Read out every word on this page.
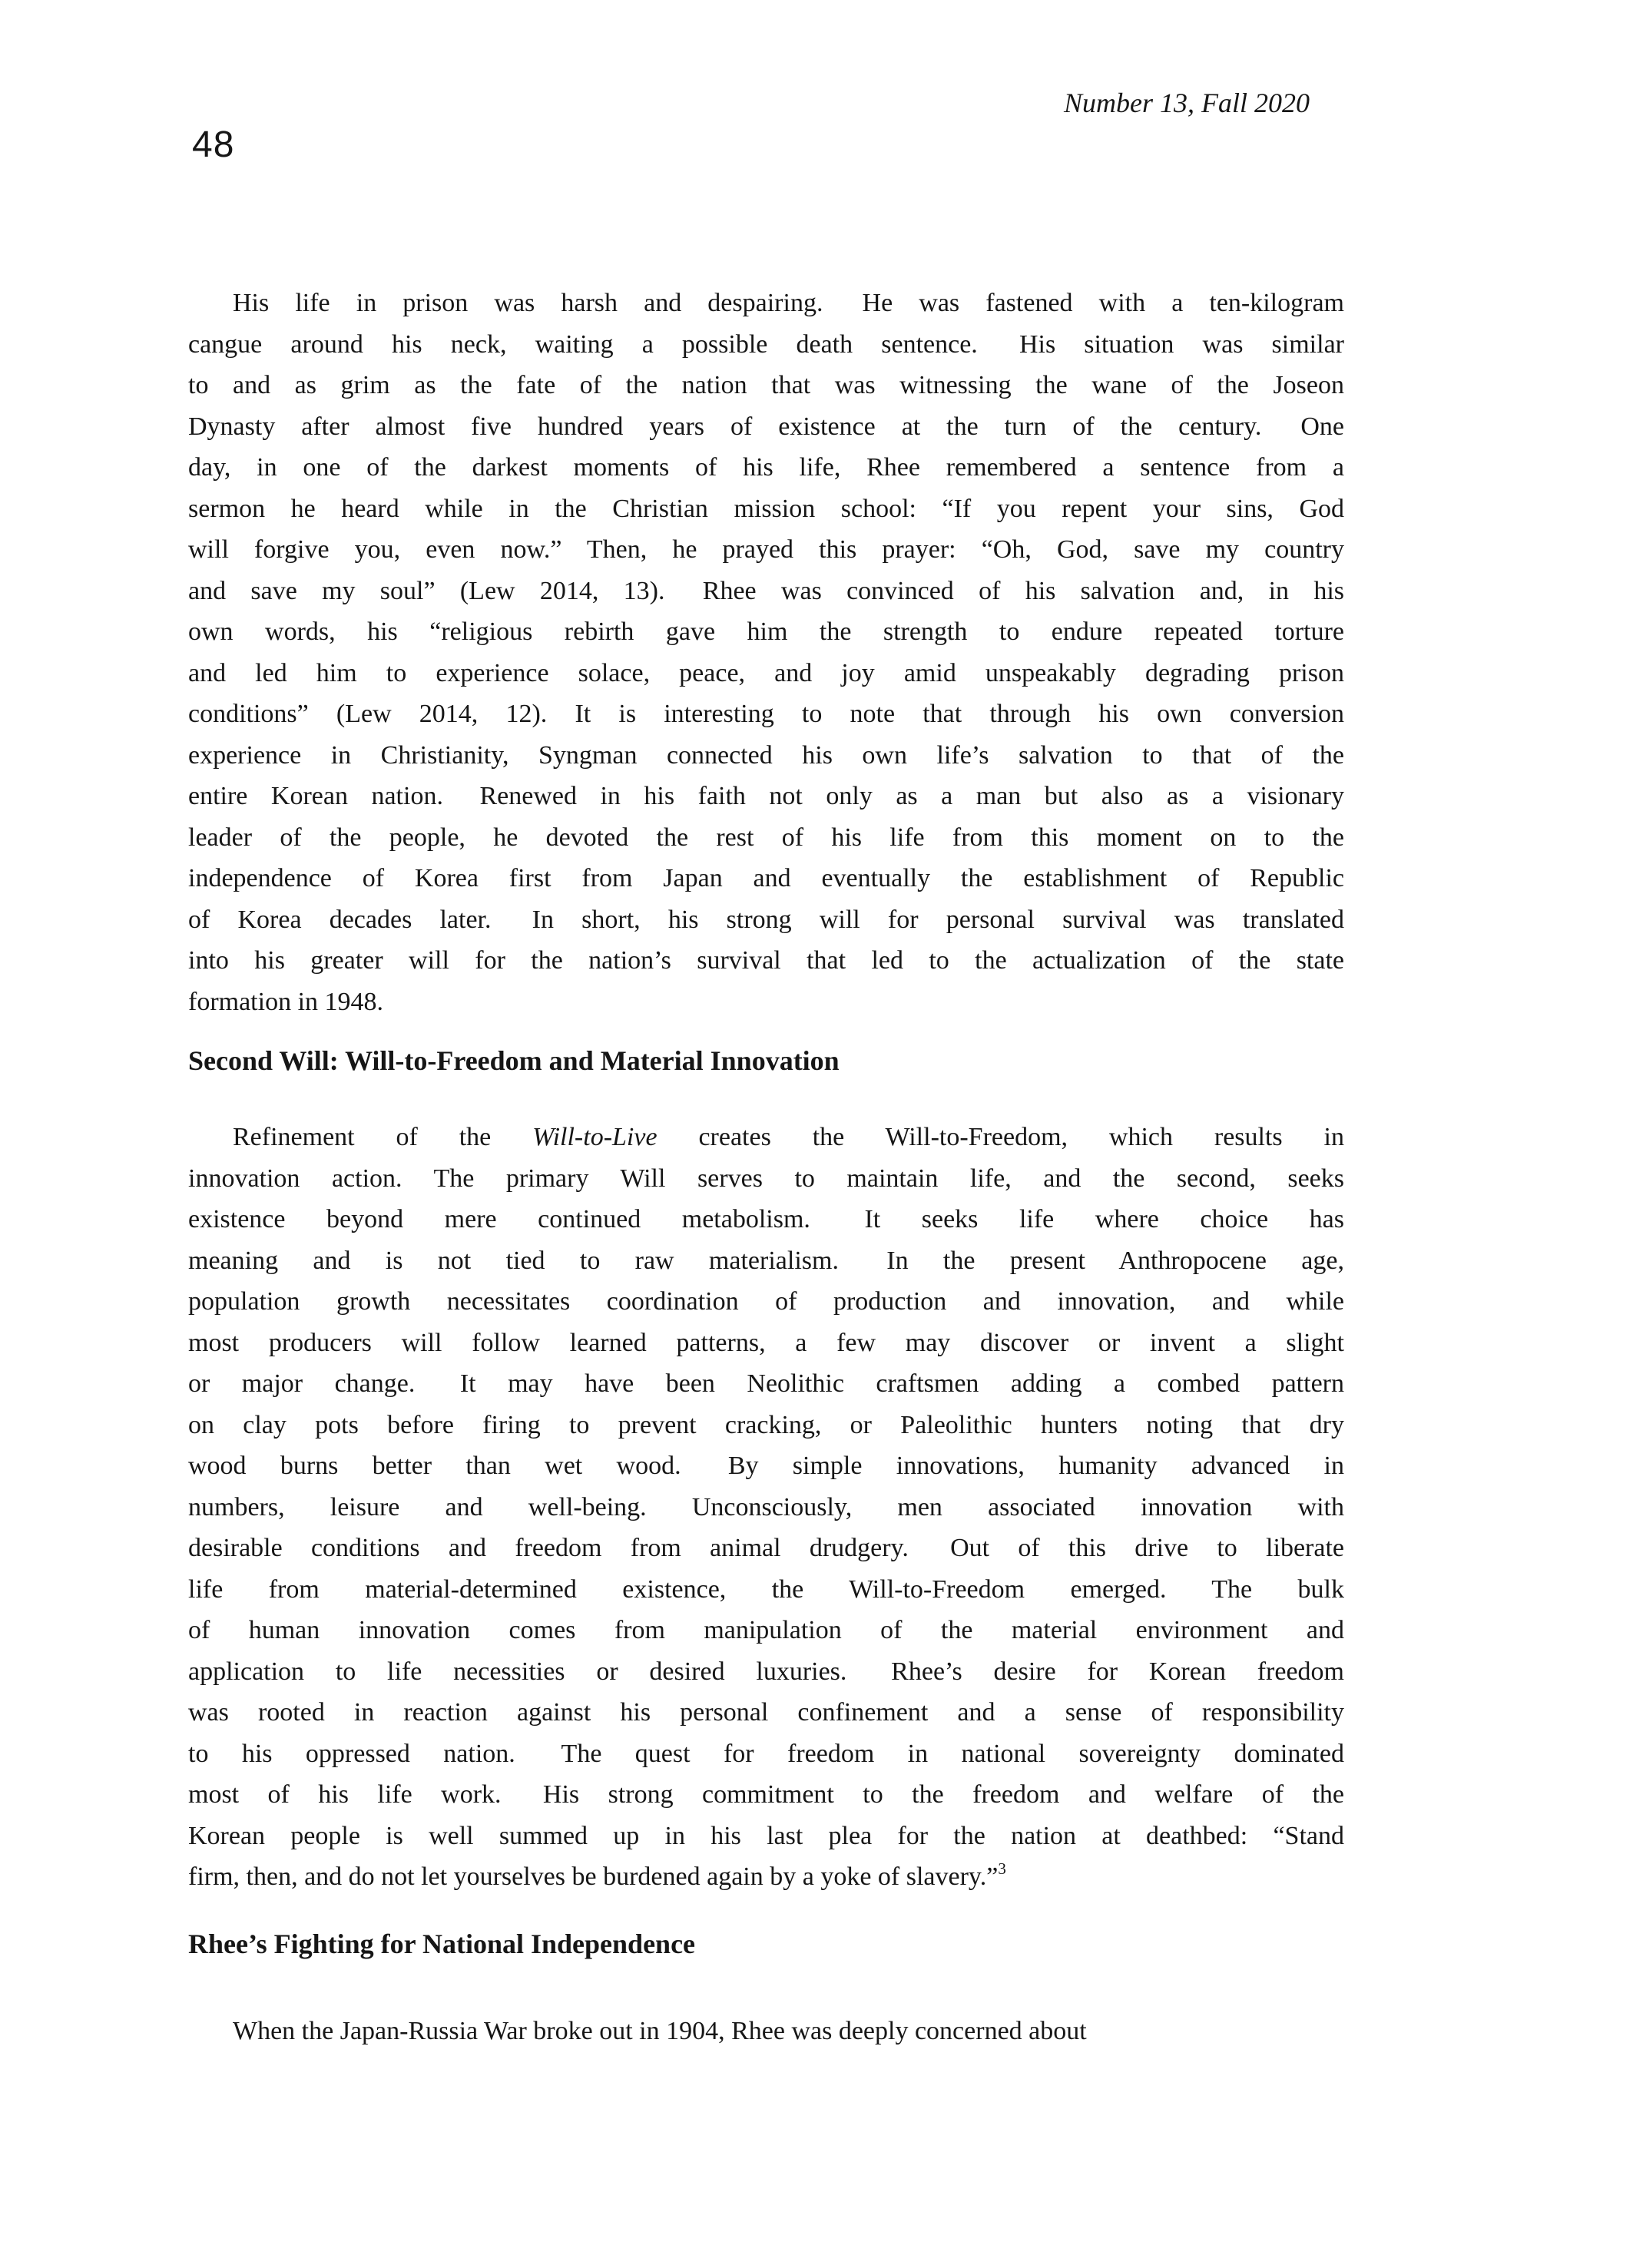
Number 13, Fall 2020
48
His life in prison was harsh and despairing.  He was fastened with a ten-kilogram
cangue around his neck, waiting a possible death sentence.  His situation was similar
to and as grim as the fate of the nation that was witnessing the wane of the Joseon
Dynasty after almost five hundred years of existence at the turn of the century.  One
day, in one of the darkest moments of his life, Rhee remembered a sentence from a
sermon he heard while in the Christian mission school: “If you repent your sins, God
will forgive you, even now.” Then, he prayed this prayer: “Oh, God, save my country
and save my soul” (Lew 2014, 13).  Rhee was convinced of his salvation and, in his
own words, his “religious rebirth gave him the strength to endure repeated torture
and led him to experience solace, peace, and joy amid unspeakably degrading prison
conditions” (Lew 2014, 12). It is interesting to note that through his own conversion
experience in Christianity, Syngman connected his own life’s salvation to that of the
entire Korean nation.  Renewed in his faith not only as a man but also as a visionary
leader of the people, he devoted the rest of his life from this moment on to the
independence of Korea first from Japan and eventually the establishment of Republic
of Korea decades later.  In short, his strong will for personal survival was translated
into his greater will for the nation’s survival that led to the actualization of the state
formation in 1948.
Second Will: Will-to-Freedom and Material Innovation
Refinement of the Will-to-Live creates the Will-to-Freedom, which results in
innovation action. The primary Will serves to maintain life, and the second, seeks
existence beyond mere continued metabolism.  It seeks life where choice has
meaning and is not tied to raw materialism.  In the present Anthropocene age,
population growth necessitates coordination of production and innovation, and while
most producers will follow learned patterns, a few may discover or invent a slight
or major change.  It may have been Neolithic craftsmen adding a combed pattern
on clay pots before firing to prevent cracking, or Paleolithic hunters noting that dry
wood burns better than wet wood.  By simple innovations, humanity advanced in
numbers, leisure and well-being. Unconsciously, men associated innovation with
desirable conditions and freedom from animal drudgery.  Out of this drive to liberate
life from material-determined existence, the Will-to-Freedom emerged. The bulk
of human innovation comes from manipulation of the material environment and
application to life necessities or desired luxuries.  Rhee’s desire for Korean freedom
was rooted in reaction against his personal confinement and a sense of responsibility
to his oppressed nation.  The quest for freedom in national sovereignty dominated
most of his life work.  His strong commitment to the freedom and welfare of the
Korean people is well summed up in his last plea for the nation at deathbed: “Stand
firm, then, and do not let yourselves be burdened again by a yoke of slavery.”$^3$
Rhee’s Fighting for National Independence
When the Japan-Russia War broke out in 1904, Rhee was deeply concerned about
